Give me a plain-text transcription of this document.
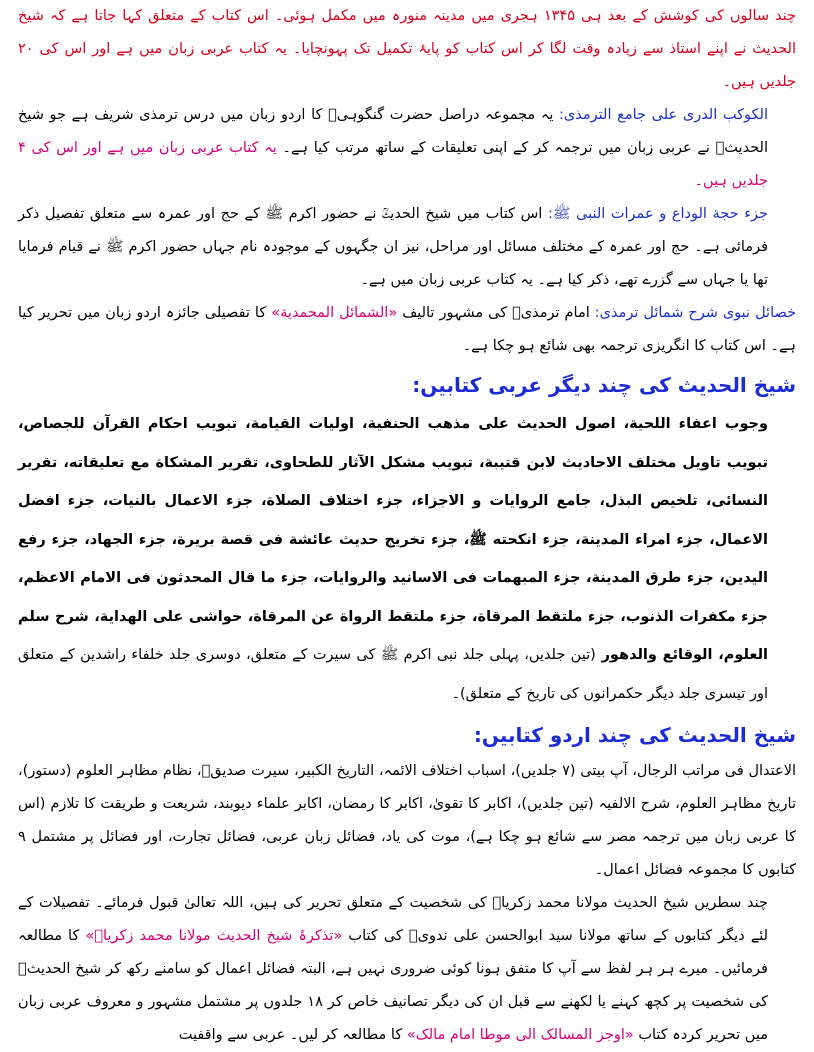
چند سالوں کی کوشش کے بعد ہی ۱۳۴۵ ہجری میں مدینہ منورہ میں مکمل ہوئی۔ اس کتاب کے متعلق کہا جاتا ہے کہ شیخ الحدیث نے اپنے استاذ سے زیادہ وقت لگا کر اس کتاب کو پایۂ تکمیل تک پہونچایا۔ یہ کتاب عربی زبان میں ہے اور اس کی ۲۰ جلدیں ہیں۔

الکوکب الدری علی جامع الترمذی: یہ مجموعہ دراصل حضرت گنگوہیؒ کا اردو زبان میں درس ترمذی شریف ہے جو شیخ الحدیثؒ نے عربی زبان میں ترجمہ کر کے اپنی تعلیقات کے ساتھ مرتب کیا ہے۔ یہ کتاب عربی زبان میں ہے اور اس کی ۴ جلدیں ہیں۔

جزء حجة الوداع و عمرات النبی ﷺ: اس کتاب میں شیخ الحدیثؒ نے حضور اکرم ﷺ کے حج اور عمرہ سے متعلق تفصیل ذکر فرمائی ہے۔ حج اور عمرہ کے مختلف مسائل اور مراحل، نیز ان جگہوں کے موجودہ نام جہاں حضور اکرم ﷺ نے قیام فرمایا تھا یا جہاں سے گزرے تھے، ذکر کیا ہے۔ یہ کتاب عربی زبان میں ہے۔

خصائل نبوی شرح شمائل ترمذی: امام ترمذیؒ کی مشہور تالیف «الشمائل المحمدیة» کا تفصیلی جائزہ اردو زبان میں تحریر کیا ہے۔ اس کتاب کا انگریزی ترجمہ بھی شائع ہو چکا ہے۔

شیخ الحدیث کی چند دیگر عربی کتابیں:

وجوب اعفاء اللحیة، اصول الحدیث علی مذهب الحنفیة، اولیات القیامة، تبویب احکام القرآن للجصاص، تبویب تاویل مختلف الاحادیث لابن قتیبة، تبویب مشكل الآثار للطحاوی، تقریر المشكاة مع تعلیقاته، تقریر النسائی، تلخیص البذل، جامع الروایات و الاجزاء، جزء اختلاف الصلاة، جزء الاعمال بالنیات، جزء افضل الاعمال، جزء امراء المدینة، جزء انكحته ﷺ، جزء تخریج حدیث عائشة فی قصة بریرة، جزء الجهاد، جزء رفع الیدین، جزء طرق المدینة، جزء المبهمات فی الاسانید والروایات، جزء ما قال المحدثون فی الامام الاعظم، جزء مكفرات الذنوب، جزء ملتقط المرقاة، جزء ملتقط الرواة عن المرقاة، حواشی علی الهدایة، شرح سلم العلوم، الوقائع والدهور (تین جلدیں، پہلی جلد نبی اکرم ﷺ کی سیرت کے متعلق، دوسری جلد خلفاء راشدین کے متعلق اور تیسری جلد دیگر حکمرانوں کی تاریخ کے متعلق)۔

شیخ الحدیث کی چند اردو کتابیں:

الاعتدال فی مراتب الرجال، آپ بیتی (۷ جلدیں)، اسباب اختلاف الائمہ، التاریخ الکبیر، سیرت صدیقؓ، نظام مظاہر العلوم (دستور)، تاریخ مظاہر العلوم، شرح الالفیہ (تین جلدیں)، اکابر کا تقویٰ، اکابر کا رمضان، اکابر علماء دیوبند، شریعت و طریقت کا تلازم (اس کا عربی زبان میں ترجمہ مصر سے شائع ہو چکا ہے)، موت کی یاد، فضائل زبان عربی، فضائل تجارت، اور فضائل پر مشتمل ۹ کتابوں کا مجموعہ فضائل اعمال۔

چند سطریں شیخ الحدیث مولانا محمد زکریاؒ کی شخصیت کے متعلق تحریر کی ہیں، اللہ تعالیٰ قبول فرمائے۔ تفصیلات کے لئے دیگر کتابوں کے ساتھ مولانا سید ابوالحسن علی ندویؒ کی کتاب «تذکرۂ شیخ الحدیث مولانا محمد زکریاؒ» کا مطالعہ فرمائیں۔ میرے ہر ہر لفظ سے آپ کا متفق ہونا کوئی ضروری نہیں ہے، البتہ فضائل اعمال کو سامنے رکھ کر شیخ الحدیثؒ کی شخصیت پر کچھ کہنے یا لکھنے سے قبل ان کی دیگر تصانیف خاص کر ۱۸ جلدوں پر مشتمل مشہور و معروف عربی زبان میں تحریر کردہ کتاب «اوجز المسالک الی موطا امام مالک» کا مطالعہ کر لیں۔ عربی سے واقفیت
